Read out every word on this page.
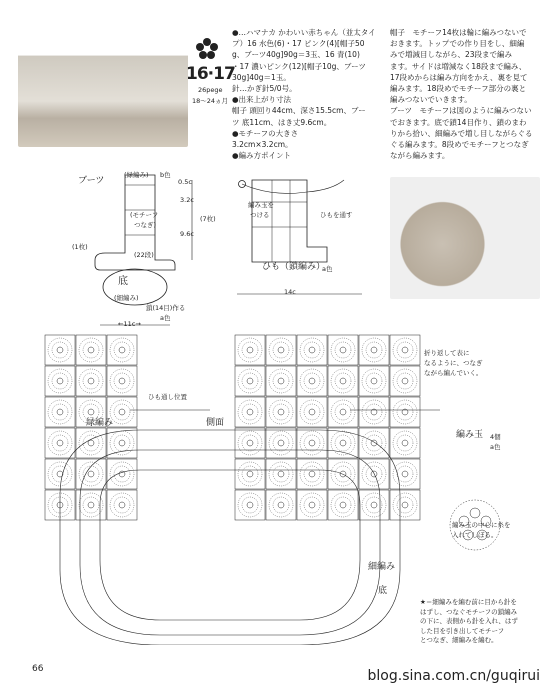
16·17
26pege
18～24ヵ月
●…ハマナカ かわいい赤ちゃん（並太タイ
プ）16 水色(6)・17 ピンク(4)[帽子50
g、ブーツ40g]90g＝3玉、16 青(10)
・17 濃いピンク(12)[帽子10g、ブーツ
30g]40g＝1玉。
針…かぎ針5/0号。
●出来上がり寸法
帽子 頭回り44cm、深さ15.5cm、ブー
ツ 底11cm、はき丈9.6cm。
●モチーフの大きさ
3.2cm×3.2cm。
●編み方ポイント
帽子　モチーフ14枚は輪に編みつないで
おきます。トップでの作り目をし、細編
みで増減目しながら、23段まで編み
ます。サイドは増減なく18段まで編み、
17段めからは編み方向をかえ、裏を見て
編みます。18段めでモチーフ部分の裏と
編みつないでいきます。
ブーツ　モチーフは図のように編みつない
でおきます。底で鎖14目作り、鎖のまわ
りから拾い、細編みで増し目しながらぐる
ぐる編みます。8段めでモチーフとつなぎ
ながら編みます。
ブーツ
(緑編み) b色
0.5c
3.2c
(モチーフ
つなぎ)
(7枚)
9.6c
(1枚)
(22段)
底
(細編み)
鎖(14目)作る
a色
←11c→
編み玉を
つける	ひもを通す
ひも（鎖編み）
a色
14c
ひも通し位置
緑編み	側面
折り返して表に
なるように、つなぎ
ながら編んでいく。
編み玉 4個
a色
編み玉の中心に糸を
入れてしぼる。
細編み
底
★＝細編みを編む前に目から針を
はずし、つなぐモチーフの鎖編み
の下に、表側から針を入れ、はず
した目を引き出してモチーフ
とつなぎ、細編みを編む。
66	blog.sina.com.cn/guqirui
